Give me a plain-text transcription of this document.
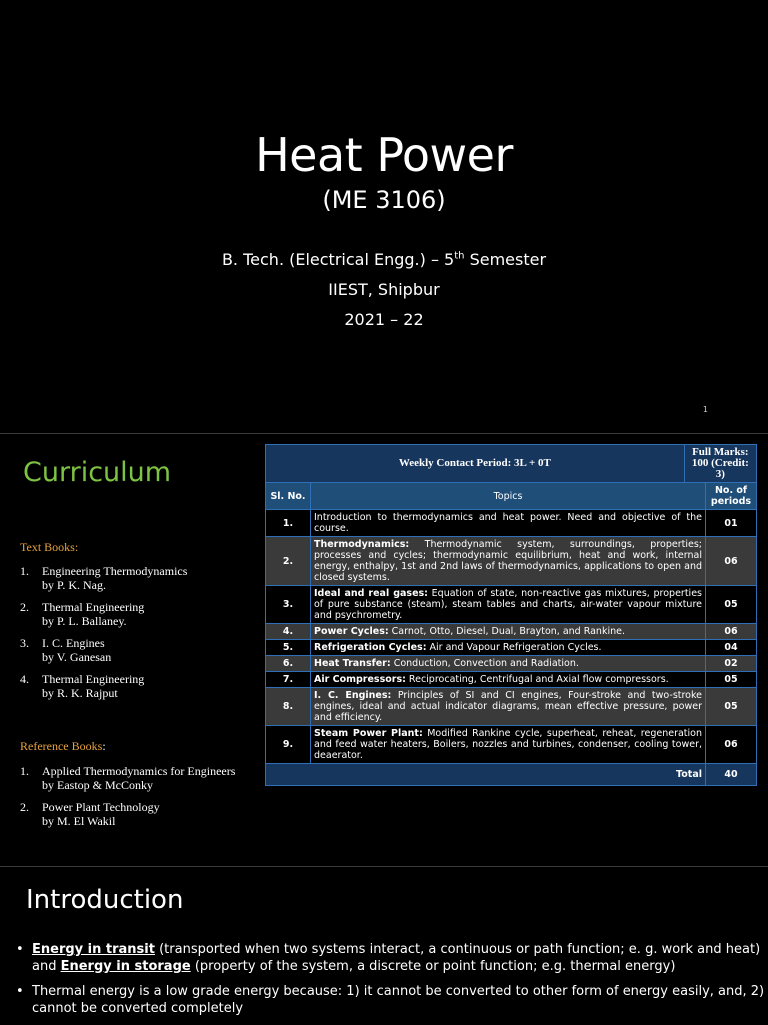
Heat Power
(ME 3106)
B. Tech. (Electrical Engg.) – 5th Semester
IIEST, Shipbur
2021 – 22
1
Curriculum
Text Books:
1. Engineering Thermodynamics
by P. K. Nag.
2. Thermal Engineering
by P. L. Ballaney.
3. I. C. Engines
by V. Ganesan
4. Thermal Engineering
by R. K. Rajput
Reference Books:
1. Applied Thermodynamics for Engineers
by Eastop & McConky
2. Power Plant Technology
by M. El Wakil
Weekly Contact Period: 3L + 0T		Full Marks: 100 (Credit: 3)	
Sl. No.	Topics		No. of periods
1.	Introduction to thermodynamics and heat power. Need and objective of the course.		01
2.	Thermodynamics: Thermodynamic system, surroundings, properties; processes and cycles; thermodynamic equilibrium, heat and work, internal energy, enthalpy, 1st and 2nd laws of thermodynamics, applications to open and closed systems.		06
3.	Ideal and real gases: Equation of state, non-reactive gas mixtures, properties of pure substance (steam), steam tables and charts, air-water vapour mixture and psychrometry.		05
4.	Power Cycles: Carnot, Otto, Diesel, Dual, Brayton, and Rankine.		06
5.	Refrigeration Cycles: Air and Vapour Refrigeration Cycles.		04
6.	Heat Transfer: Conduction, Convection and Radiation.		02
7.	Air Compressors: Reciprocating, Centrifugal and Axial flow compressors.		05
8.	I. C. Engines: Principles of SI and CI engines, Four-stroke and two-stroke engines, ideal and actual indicator diagrams, mean effective pressure, power and efficiency.		05
9.	Steam Power Plant: Modified Rankine cycle, superheat, reheat, regeneration and feed water heaters, Boilers, nozzles and turbines, condenser, cooling tower, deaerator.		06
Total			40
Introduction
• Energy in transit (transported when two systems interact, a continuous or path function; e. g. work and heat) and Energy in storage (property of the system, a discrete or point function; e.g. thermal energy)
• Thermal energy is a low grade energy because: 1) it cannot be converted to other form of energy easily, and, 2) cannot be converted completely
